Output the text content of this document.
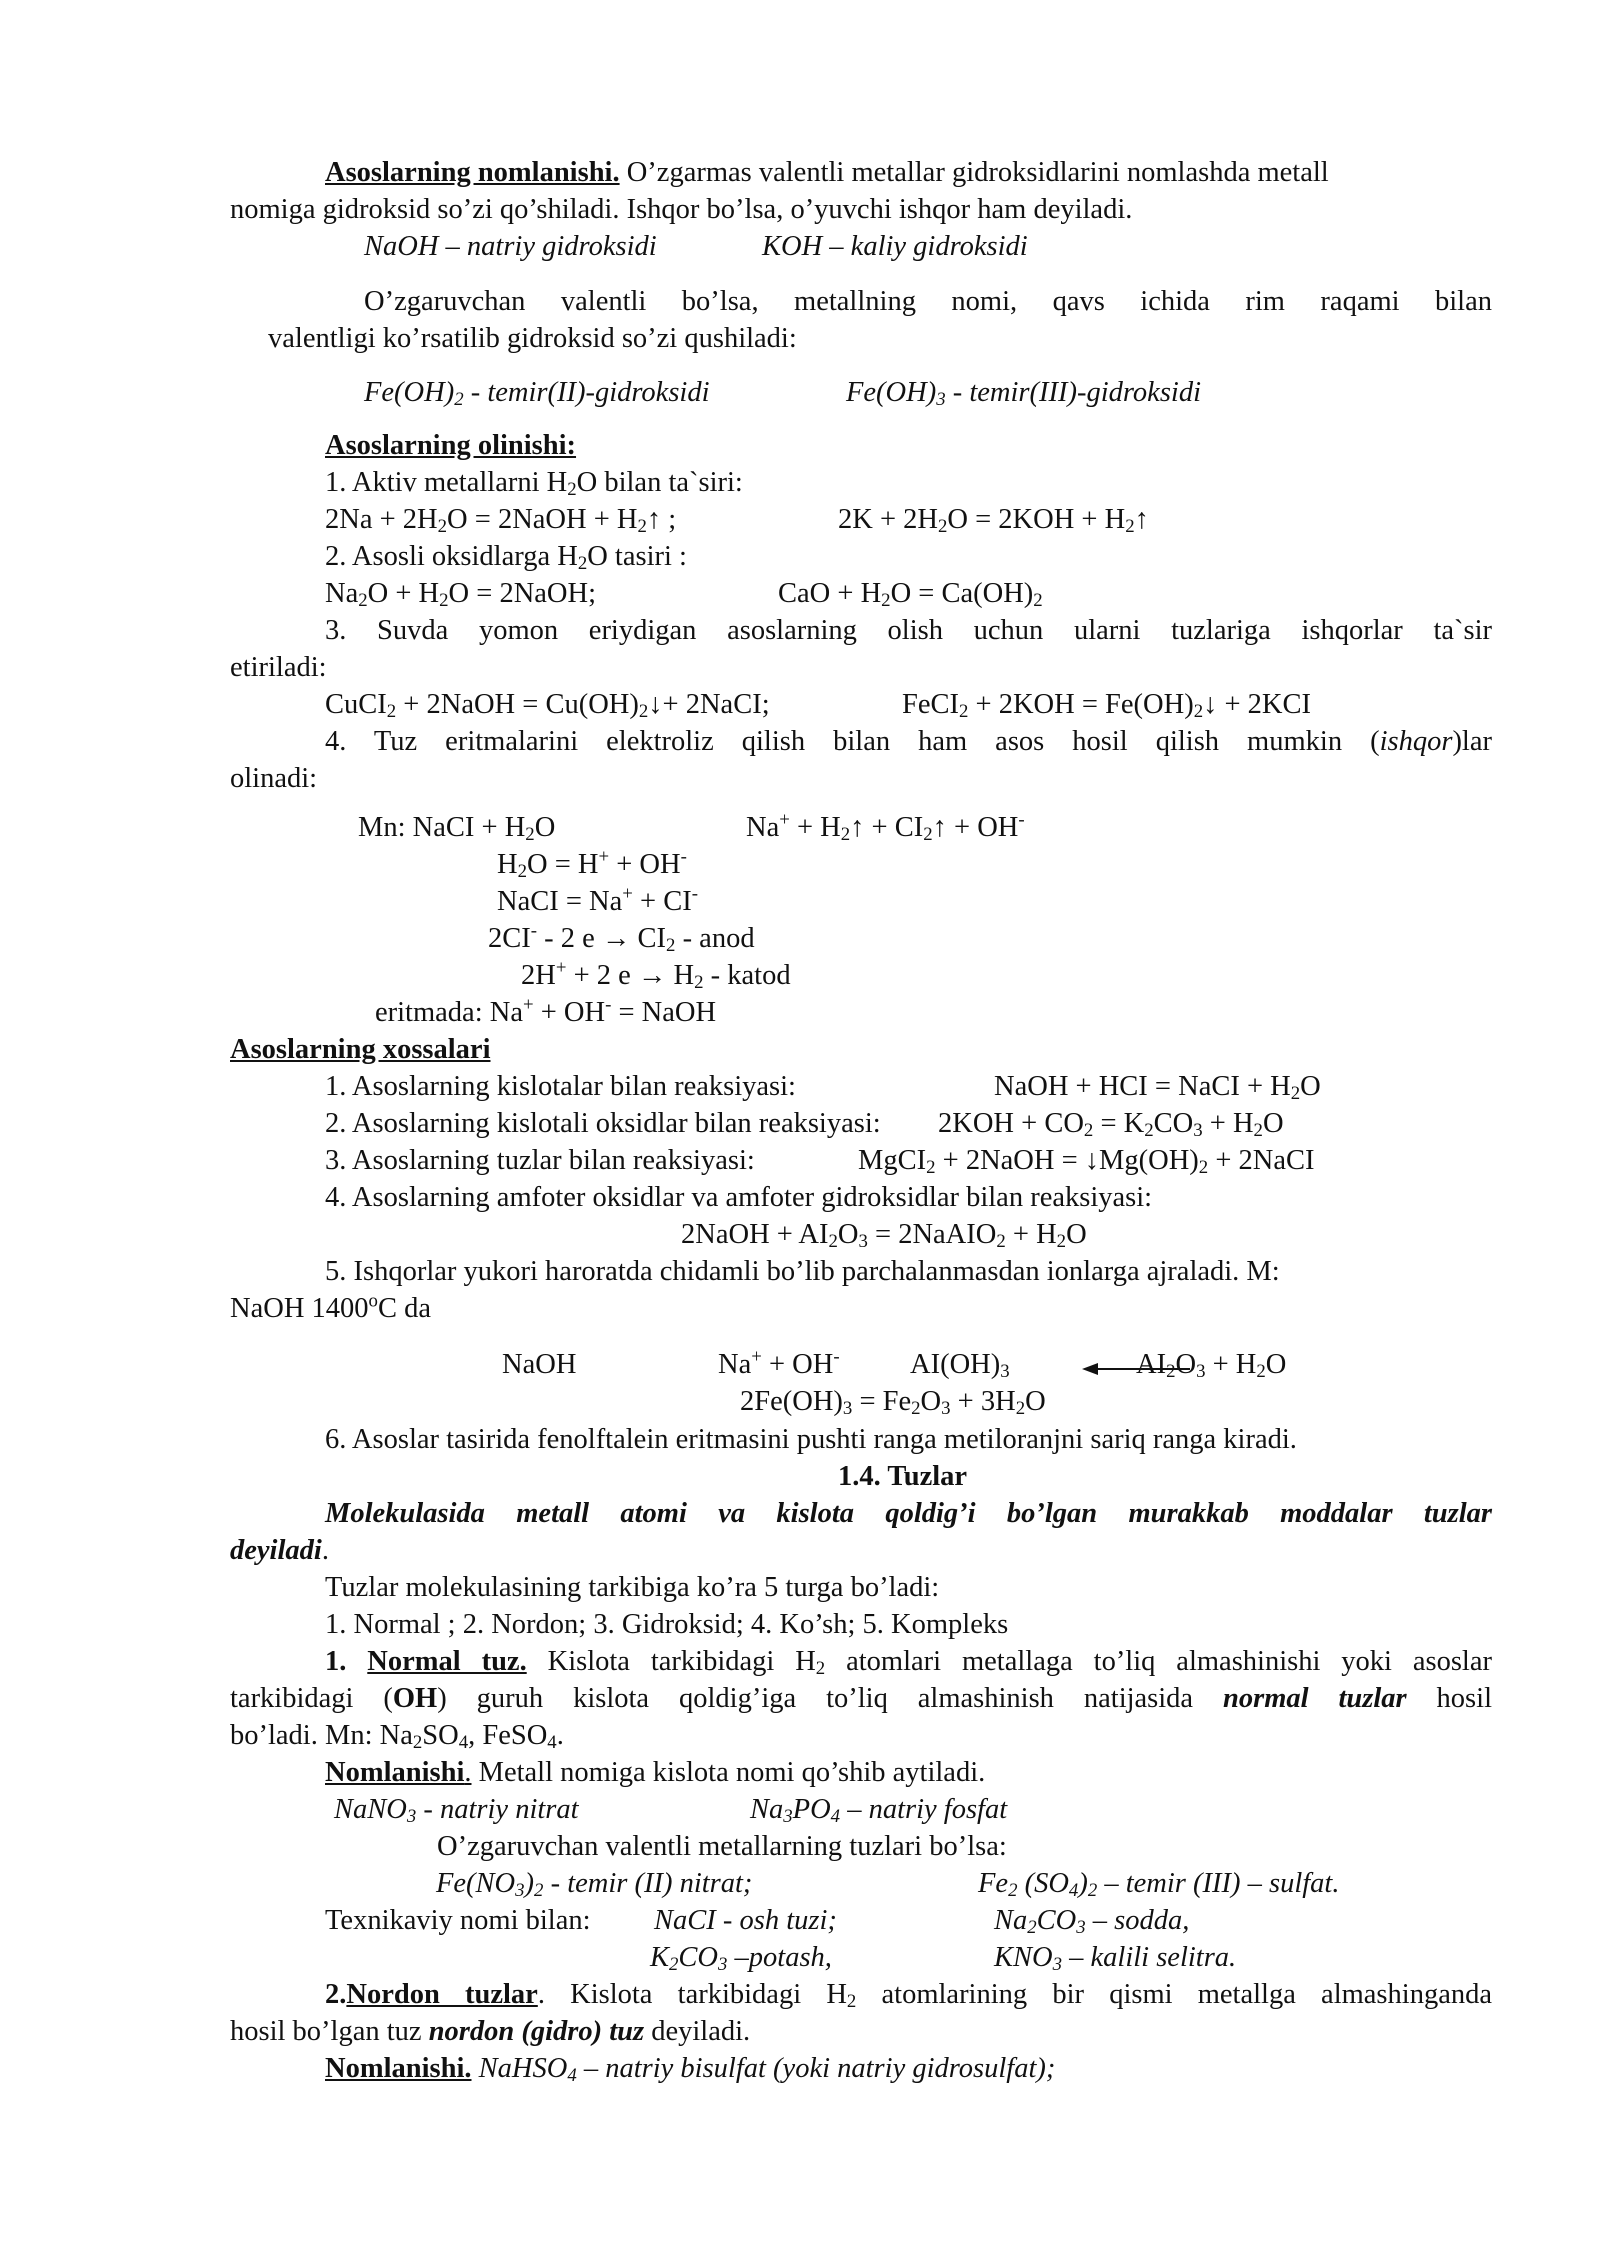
Asoslarning nomlanishi. O’zgarmas valentli metallar gidroksidlarini nomlashda metall
nomiga gidroksid so’zi qo’shiladi. Ishqor bo’lsa, o’yuvchi ishqor ham deyiladi.
NaOH – natriy gidroksidi	KOH – kaliy gidroksidi
O’zgaruvchan valentli bo’lsa, metallning nomi, qavs ichida rim raqami bilan
valentligi ko’rsatilib gidroksid so’zi qushiladi:
$Fe(OH)_2$ - temir(II)-gidroksidi	$Fe(OH)_3$ - temir(III)-gidroksidi
Asoslarning olinishi:
1. Aktiv metallarni $H_2O$ bilan ta`siri:
$2Na + 2H_2O$ = 2NaOH + $H_2↑$ ;	$2K + 2H_2O = 2KOH$ + $H_2↑$
2. Asosli oksidlarga $H_2O$ tasiri :
$Na_2O + H_2O$ = 2NaOH;	CaO + $H_2O = Ca(OH)_2$
3. Suvda yomon eriydigan asoslarning olish uchun ularni tuzlariga ishqorlar ta`sir
etiriladi:
CuCI$_2$ + 2NaOH = $Cu(OH)_2↓+$ 2NaCI;	FeCI$_2$ + $2KOH = Fe(OH)_2↓ + 2KCI$
4. Tuz eritmalarini elektroliz qilish bilan ham asos hosil qilish mumkin (ishqor)lar
olinadi:
Mn: NaCI + $H_2O$	$Na^+ + H_2↑$ + $CI_2↑ + OH^-$
$H_2O = H^+ + OH^-$
NaCI = Na+ + CI-
2CI- - 2 $e \to CI_2$ - anod
2H+ + 2 $e \to H_2$ - katod
eritmada: Na+ + OH- = NaOH
Asoslarning xossalari
1. Asoslarning kislotalar bilan reaksiyasi:	NaOH + HCI = NaCI + $H_2O$
2. Asoslarning kislotali oksidlar bilan reaksiyasi: $2KOH + CO_2 = K_2CO_3 + H_2O$
3. Asoslarning tuzlar bilan reaksiyasi:	MgCI$_2$ + 2NaOH = $↓Mg(OH)_2$ + 2NaCI
4. Asoslarning amfoter oksidlar va amfoter gidroksidlar bilan reaksiyasi:
2NaOH + $AI_2O_3$ = 2NaAIO$_2$ + $H_2O$
5. Ishqorlar yukori haroratda chidamli bo’lib parchalanmasdan ionlarga ajraladi. M:
NaOH 1400$^o$C da
NaOH	Na+ + OH- $AI(OH)_3$	$AI_2O_3 + H_2O$
$2Fe(OH)_3 = Fe_2O_3 + 3H_2O$
6. Asoslar tasirida fenolftalein eritmasini pushti ranga metiloranjni sariq ranga kiradi.
1.4. Tuzlar
Molekulasida metall atomi va kislota qoldig’i bo’lgan murakkab moddalar tuzlar
deyiladi.
Tuzlar molekulasining tarkibiga ko’ra 5 turga bo’ladi:
1. Normal ; 2. Nordon; 3. Gidroksid; 4. Ko’sh; 5. Kompleks
1. Normal tuz. Kislota tarkibidagi $H_2$ atomlari metallaga to’liq almashinishi yoki asoslar
tarkibidagi (OH) guruh kislota qoldig’iga to’liq almashinish natijasida normal tuzlar hosil
bo’ladi. Mn: $Na_2SO_4$, FeSO$_4$.
Nomlanishi. Metall nomiga kislota nomi qo’shib aytiladi.
NaNO$_3$ - natriy nitrat	$Na_3PO_4$ – natriy fosfat
O’zgaruvchan valentli metallarning tuzlari bo’lsa:
$Fe(NO_3)_2$ - temir (II) nitrat;	$Fe_2$ $(SO_4)_2$ – temir (III) – sulfat.
Texnikaviy nomi bilan: NaCI - osh tuzi;	$Na_2CO_3$ – sodda,
$K_2CO_3$ –potash,	$KNO_3$ – kalili selitra.
2.Nordon tuzlar. Kislota tarkibidagi $H_2$ atomlarining bir qismi metallga almashinganda
hosil bo’lgan tuz nordon (gidro) tuz deyiladi.
Nomlanishi. NaHSO$_4$ – natriy bisulfat (yoki natriy gidrosulfat);
